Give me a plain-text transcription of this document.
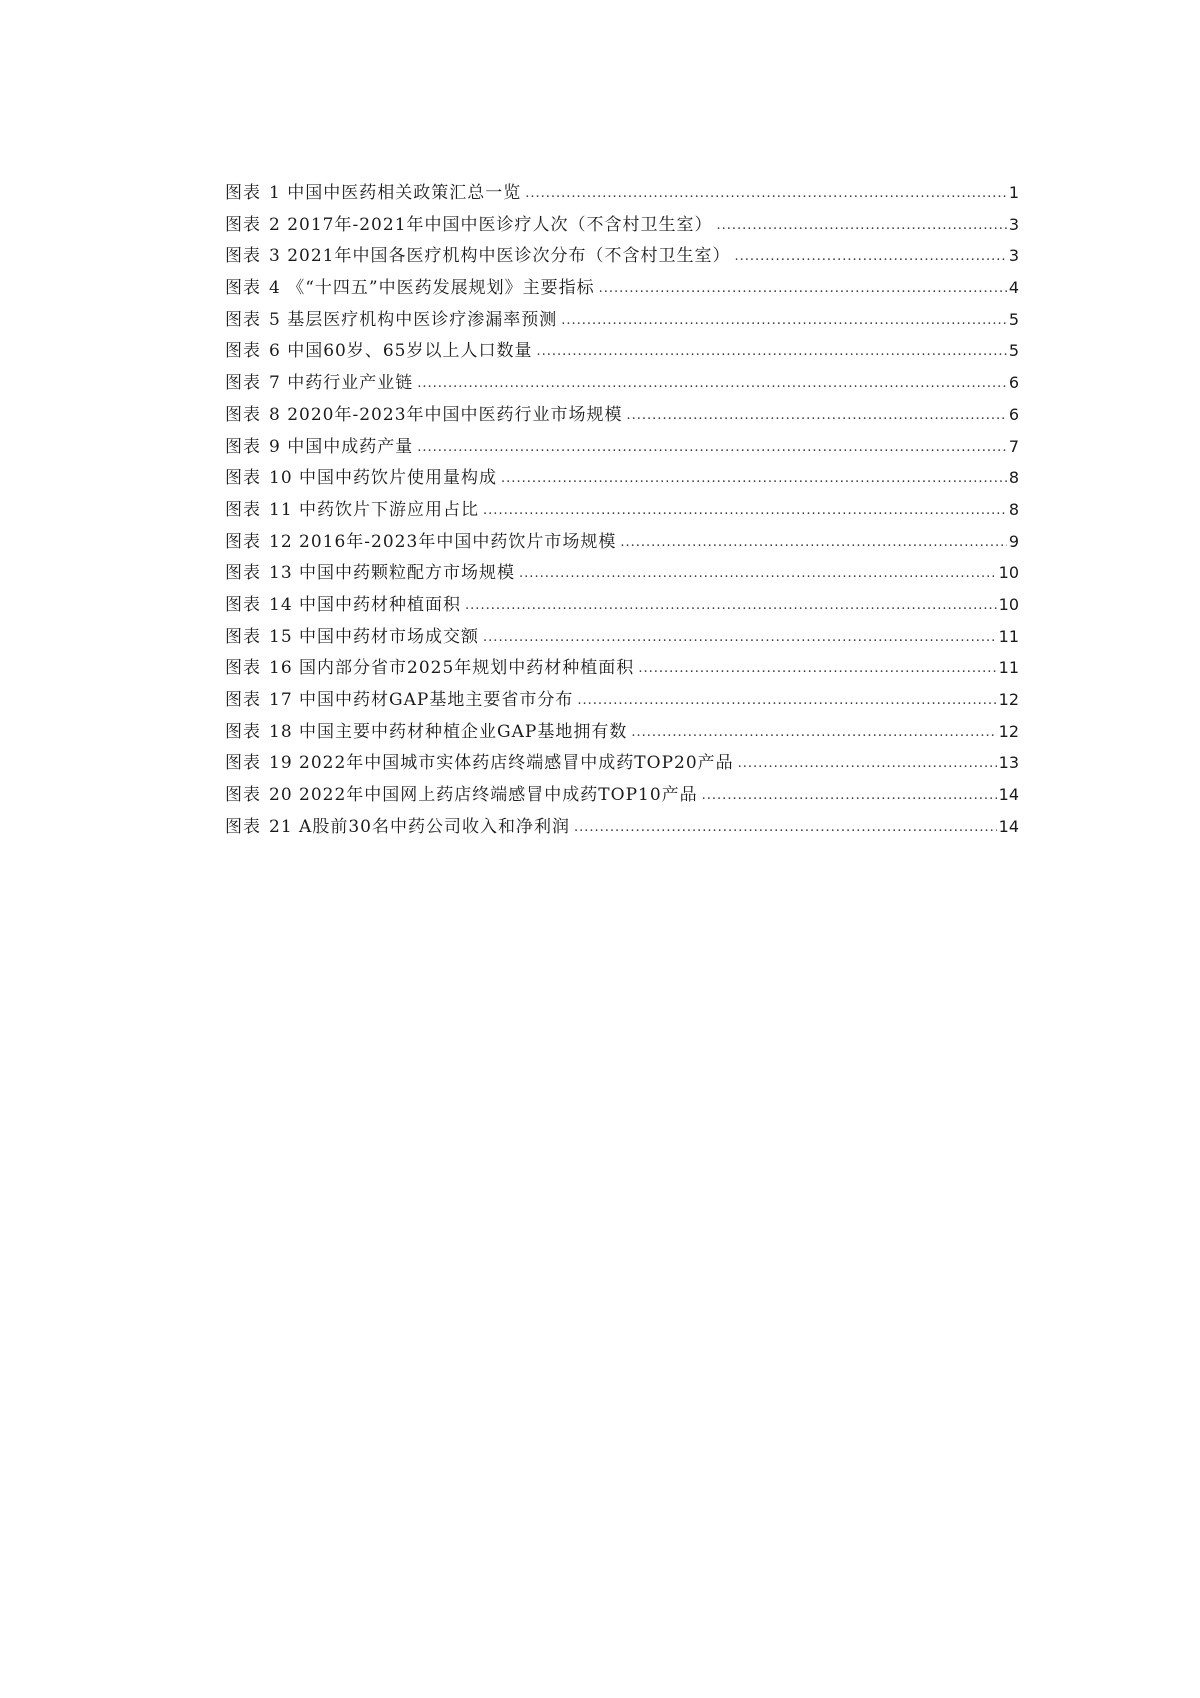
图表 1 中国中医药相关政策汇总一览 .....	1
图表 2 2017年-2021年中国中医诊疗人次（不含村卫生室） .....	3
图表 3 2021年中国各医疗机构中医诊次分布（不含村卫生室） .....	3
图表 4 《“十四五”中医药发展规划》主要指标 .....	4
图表 5 基层医疗机构中医诊疗渗漏率预测 .....	5
图表 6 中国60岁、65岁以上人口数量 .....	5
图表 7 中药行业产业链 .....	6
图表 8 2020年-2023年中国中医药行业市场规模 .....	6
图表 9 中国中成药产量 .....	7
图表 10 中国中药饮片使用量构成 .....	8
图表 11 中药饮片下游应用占比 .....	8
图表 12 2016年-2023年中国中药饮片市场规模 .....	9
图表 13 中国中药颗粒配方市场规模 .....	10
图表 14 中国中药材种植面积 .....	10
图表 15 中国中药材市场成交额 .....	11
图表 16 国内部分省市2025年规划中药材种植面积 .....	11
图表 17 中国中药材GAP基地主要省市分布 .....	12
图表 18 中国主要中药材种植企业GAP基地拥有数 .....	12
图表 19 2022年中国城市实体药店终端感冒中成药TOP20产品 .....	13
图表 20 2022年中国网上药店终端感冒中成药TOP10产品 .....	14
图表 21 A股前30名中药公司收入和净利润 .....	14
